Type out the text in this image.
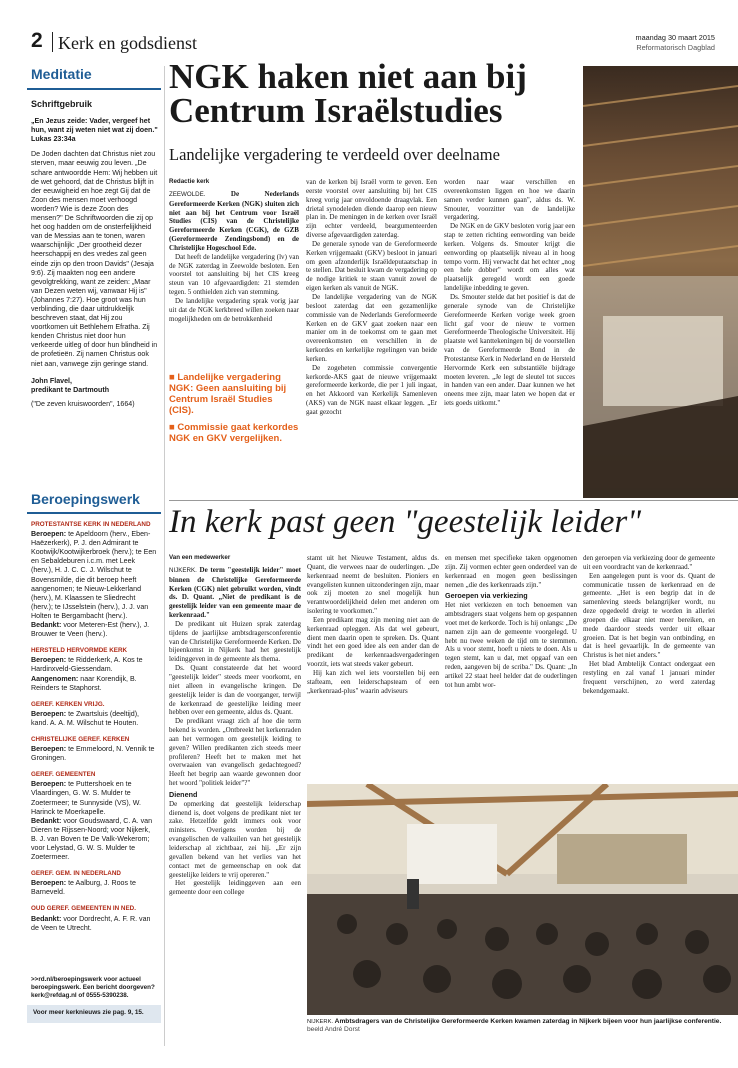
2 Kerk en godsdienst	maandag 30 maart 2015
Reformatorisch Dagblad
Meditatie

Schriftgebruik

„En Jezus zeide: Vader, vergeef het hun, want zij weten niet wat zij doen."

Lukas 23:34a

De Joden dachten dat Christus niet zou sterven, maar eeuwig zou leven. „De schare antwoordde Hem: Wij hebben uit de wet gehoord, dat de Christus blijft in der eeuwigheid en hoe zegt Gij dat de Zoon des mensen moet verhoogd worden? Wie is deze Zoon des mensen?" De Schriftwoorden die zij op het oog hadden om de onsterfelijkheid van de Messias aan te tonen, waren waarschijnlijk: „Der grootheid dezer heerschappij en des vredes zal geen einde zijn op den troon Davids" (Jesaja 9:6). Zij maakten nog een andere gevolgtrekking, want ze zeiden: „Maar van Dezen weten wij, vanwaar Hij is" (Johannes 7:27). Hoe groot was hun verblinding, die daar uitdrukkelijk beschreven staat, dat Hij zou voortkomen uit Bethlehem Efratha. Zij kenden Christus niet door hun verkeerde uitleg of door hun blindheid in de profetieën. Zij namen Christus ook niet aan, vanwege zijn geringe stand.

John Flavel,

predikant te Dartmouth

("De zeven kruiswoorden", 1664)

Beroepingswerk
PROTESTANTSE KERK IN NEDERLAND

Beroepen: te Apeldoorn (herv., Eben-Haëzerkerk), P. J. den Admirant te Kootwijk/Kootwijkerbroek (herv.); te Een en Sebaldeburen i.c.m. met Leek (herv.), H. J. C. C. J. Wilschut te Bovensmilde, die dit beroep heeft aangenomen; te Nieuw-Lekkerland (herv.), M. Klaassen te Sliedrecht (herv.); te IJsselstein (herv.), J. J. van Holten te Bergambacht (herv.).

Bedankt: voor Meteren-Est (herv.), J. Brouwer te Veen (herv.).

HERSTELD HERVORMDE KERK

Beroepen: te Ridderkerk, A. Kos te Hardinxveld-Giessendam.

Aangenomen: naar Korendijk, B. Reinders te Staphorst.

GEREF. KERKEN VRIJG.

Beroepen: te Zwartsluis (deeltijd), kand. A. A. M. Wilschut te Houten.

CHRISTELIJKE GEREF. KERKEN

Beroepen: te Emmeloord, N. Vennik te Groningen.

GEREF. GEMEENTEN

Beroepen: te Puttershoek en te Vlaardingen, G. W. S. Mulder te Zoetermeer; te Sunnyside (VS), W. Harinck te Moerkapelle.

Bedankt: voor Goudswaard, C. A. van Dieren te Rijssen-Noord; voor Nijkerk, B. J. van Boven te De Valk-Wekerom; voor Lelystad, G. W. S. Mulder te Zoetermeer.

GEREF. GEM. IN NEDERLAND

Beroepen: te Aalburg, J. Roos te Barneveld.

OUD GEREF. GEMEENTEN IN NED.

Bedankt: voor Dordrecht, A. F. R. van de Veen te Utrecht.

>>rd.nl/beroepingswerk voor actueel beroepingswerk. Een bericht doorgeven? kerk@refdag.nl of 0555-5390238.
Voor meer kerknieuws zie pag. 9, 15.
NGK haken niet aan bij Centrum Israëlstudies
Landelijke vergadering te verdeeld over deelname
Redactie kerk

ZEEWOLDE. De Nederlands Gereformeerde Kerken (NGK) sluiten zich niet aan bij het Centrum voor Israël Studies (CIS) van de Christelijke Gereformeerde Kerken (CGK), de GZB (Gereformeerde Zendingsbond) en de Christelijke Hogeschool Ede.

Dat heeft de landelijke vergadering (lv) van de NGK zaterdag in Zeewolde besloten. Een voorstel tot aansluiting bij het CIS kreeg steun van 10 afgevaardigden: 21 stemden tegen. 5 onthielden zich van stemming.

De landelijke vergadering sprak vorig jaar uit dat de NGK kerkbreed willen zoeken naar mogelijkheden om de betrokkenheid

■ Landelijke vergadering NGK: Geen aansluiting bij Centrum Israël Studies (CIS).
■ Commissie gaat kerkordes NGK en GKV vergelijken.

van de kerken bij Israël vorm te geven. Een eerste voorstel over aansluiting bij het CIS kreeg vorig jaar onvoldoende draagvlak. Een drietal synodeleden diende daarop een nieuw plan in. De meningen in de kerken over Israël zijn echter verdeeld, beargumenteerden diverse afgevaardigden zaterdag.

De generale synode van de Gereformeerde Kerken vrijgemaakt (GKV) besloot in januari om geen afzonderlijk Israëldeputaatschap in te stellen. Dat besluit kwam de vergadering op de nodige kritiek te staan vanuit zowel de eigen kerken als vanuit de NGK.

De landelijke vergadering van de NGK besloot zaterdag dat een gezamenlijke commissie van de Nederlands Gereformeerde Kerken en de GKV gaat zoeken naar een manier om in de toekomst om te gaan met overeenkomsten en verschillen in de kerkordes en kerkelijke regelingen van beide kerken.

De zogeheten commissie convergentie kerkorde-AKS gaat de nieuwe vrijgemaakt gereformeerde kerkorde, die per 1 juli ingaat, en het Akkoord van Kerkelijk Samenleven (AKS) van de NGK naast elkaar leggen. „Er gaat gezocht

worden naar waar verschillen en overeenkomsten liggen en hoe we daarin samen verder kunnen gaan", aldus ds. W. Smouter, voorzitter van de landelijke vergadering.

De NGK en de GKV besloten vorig jaar een stap te zetten richting eenwording van beide kerken. Volgens ds. Smouter krijgt die eenwording op plaatselijk niveau al in hoog tempo vorm. Hij verwacht dat het echter „nog een hele dobber" wordt om alles wat plaatselijk geregeld wordt een goede landelijke inbedding te geven.

Ds. Smouter stelde dat het positief is dat de generale synode van de Christelijke Gereformeerde Kerken vorige week groen licht gaf voor de nieuw te vormen Gereformeerde Theologische Universiteit. Hij plaatste wel kanttekeningen bij de voorstellen van de Gereformeerde Bond in de Protestantse Kerk in Nederland en de Hersteld Hervormde Kerk een substantiële bijdrage moeten leveren. „Je legt de sleutel tot succes in handen van een ander. Daar kunnen we het oneens mee zijn, maar laten we hopen dat er iets goeds uitkomt."

In kerk past geen "geestelijk leider"
Van een medewerker

NIJKERK. De term "geestelijk leider" moet binnen de Christelijke Gereformeerde Kerken (CGK) niet gebruikt worden, vindt ds. D. Quant. „Niet de predikant is de geestelijk leider van een gemeente maar de kerkenraad."

De predikant uit Huizen sprak zaterdag tijdens de jaarlijkse ambtsdragersconferentie van de Christelijke Gereformeerde Kerken. De bijeenkomst in Nijkerk had het geestelijk leidinggeven in de gemeente als thema.

Ds. Quant constateerde dat het woord "geestelijk leider" steeds meer voorkomt, en niet alleen in evangelische kringen. De geestelijk leider is dan de voorganger, terwijl de kerkenraad de geestelijke leiding meer hebben over een gemeente, aldus ds. Quant.

De predikant vraagt zich af hoe die term bekend is worden. „Ontbreekt het kerkenraden aan het vermogen om geestelijk leiding te geven? Willen predikanten zich steeds meer profileren? Heeft het te maken met het overwaaien van evangelisch gedachtegoed? Heeft het begrip aan waarde gewonnen door het woord "politiek leider"?"

Dienend

De opmerking dat geestelijk leiderschap dienend is, doet volgens de predikant niet ter zake. Hetzelfde geldt immers ook voor ministers. Overigens worden bij de evangelischen de valkuilen van het geestelijk leiderschap al zichtbaar, zei hij. „Er zijn gevallen bekend van het verlies van het contact met de gemeenschap en ook dat geestelijke leiders te vrij opereren."

Het geestelijk leidinggeven aan een gemeente door een college

stamt uit het Nieuwe Testament, aldus ds. Quant, die verwees naar de ouderlingen. „De kerkenraad neemt de besluiten. Pioniers en evangelisten kunnen uitzonderingen zijn, maar ook zij moeten zo snel mogelijk hun verantwoordelijkheid delen met anderen om isolering te voorkomen."

Een predikant mag zijn mening niet aan de kerkenraad opleggen. Als dat wel gebeurt, dient men daarin open te spreken. Ds. Quant vindt het een goed idee als een ander dan de predikant de kerkenraadsvergaderingen voorzit, iets wat steeds vaker gebeurt.

Hij kan zich wel iets voorstellen bij een stafteam, een leiderschapsteam of een „kerkenraad-plus" waarin adviseurs

en mensen met specifieke taken opgenomen zijn. Zij vormen echter geen onderdeel van de kerkenraad en mogen geen beslissingen nemen „die des kerkenraads zijn."

Geroepen via verkiezing

Het niet verkiezen en toch benoemen van ambtsdragers staat volgens hem op gespannen voet met de kerkorde. Toch is hij onlangs: „De namen zijn aan de gemeente voorgelegd. U hebt nu twee weken de tijd om te stemmen. Als u voor stemt, hoeft u niets te doen. Als u tegen stemt, kan u dat, met opgaaf van een reden, aangeven bij de scriba." Ds. Quant: „In artikel 22 staat heel helder dat de ouderlingen tot hun ambt wor-

den geroepen via verkiezing door de gemeente uit een voordracht van de kerkenraad."

Een aangelegen punt is voor ds. Quant de communicatie tussen de kerkenraad en de gemeente. „Het is een begrip dat in de samenleving steeds belangrijker wordt, nu deze opgedeeld dreigt te worden in allerlei groepen die elkaar niet meer bereiken, en mede daardoor steeds verder uit elkaar groeien. Dat is het begin van ontbinding, en dat is heel gevaarlijk. In de gemeente van Christus is het niet anders."

Het blad Ambtelijk Contact ondergaat een restyling en zal vanaf 1 januari minder frequent verschijnen, zo werd zaterdag bekendgemaakt.

NIJKERK. Ambtsdragers van de Christelijke Gereformeerde Kerken kwamen zaterdag in Nijkerk bijeen voor hun jaarlijkse conferentie. beeld André Dorst
